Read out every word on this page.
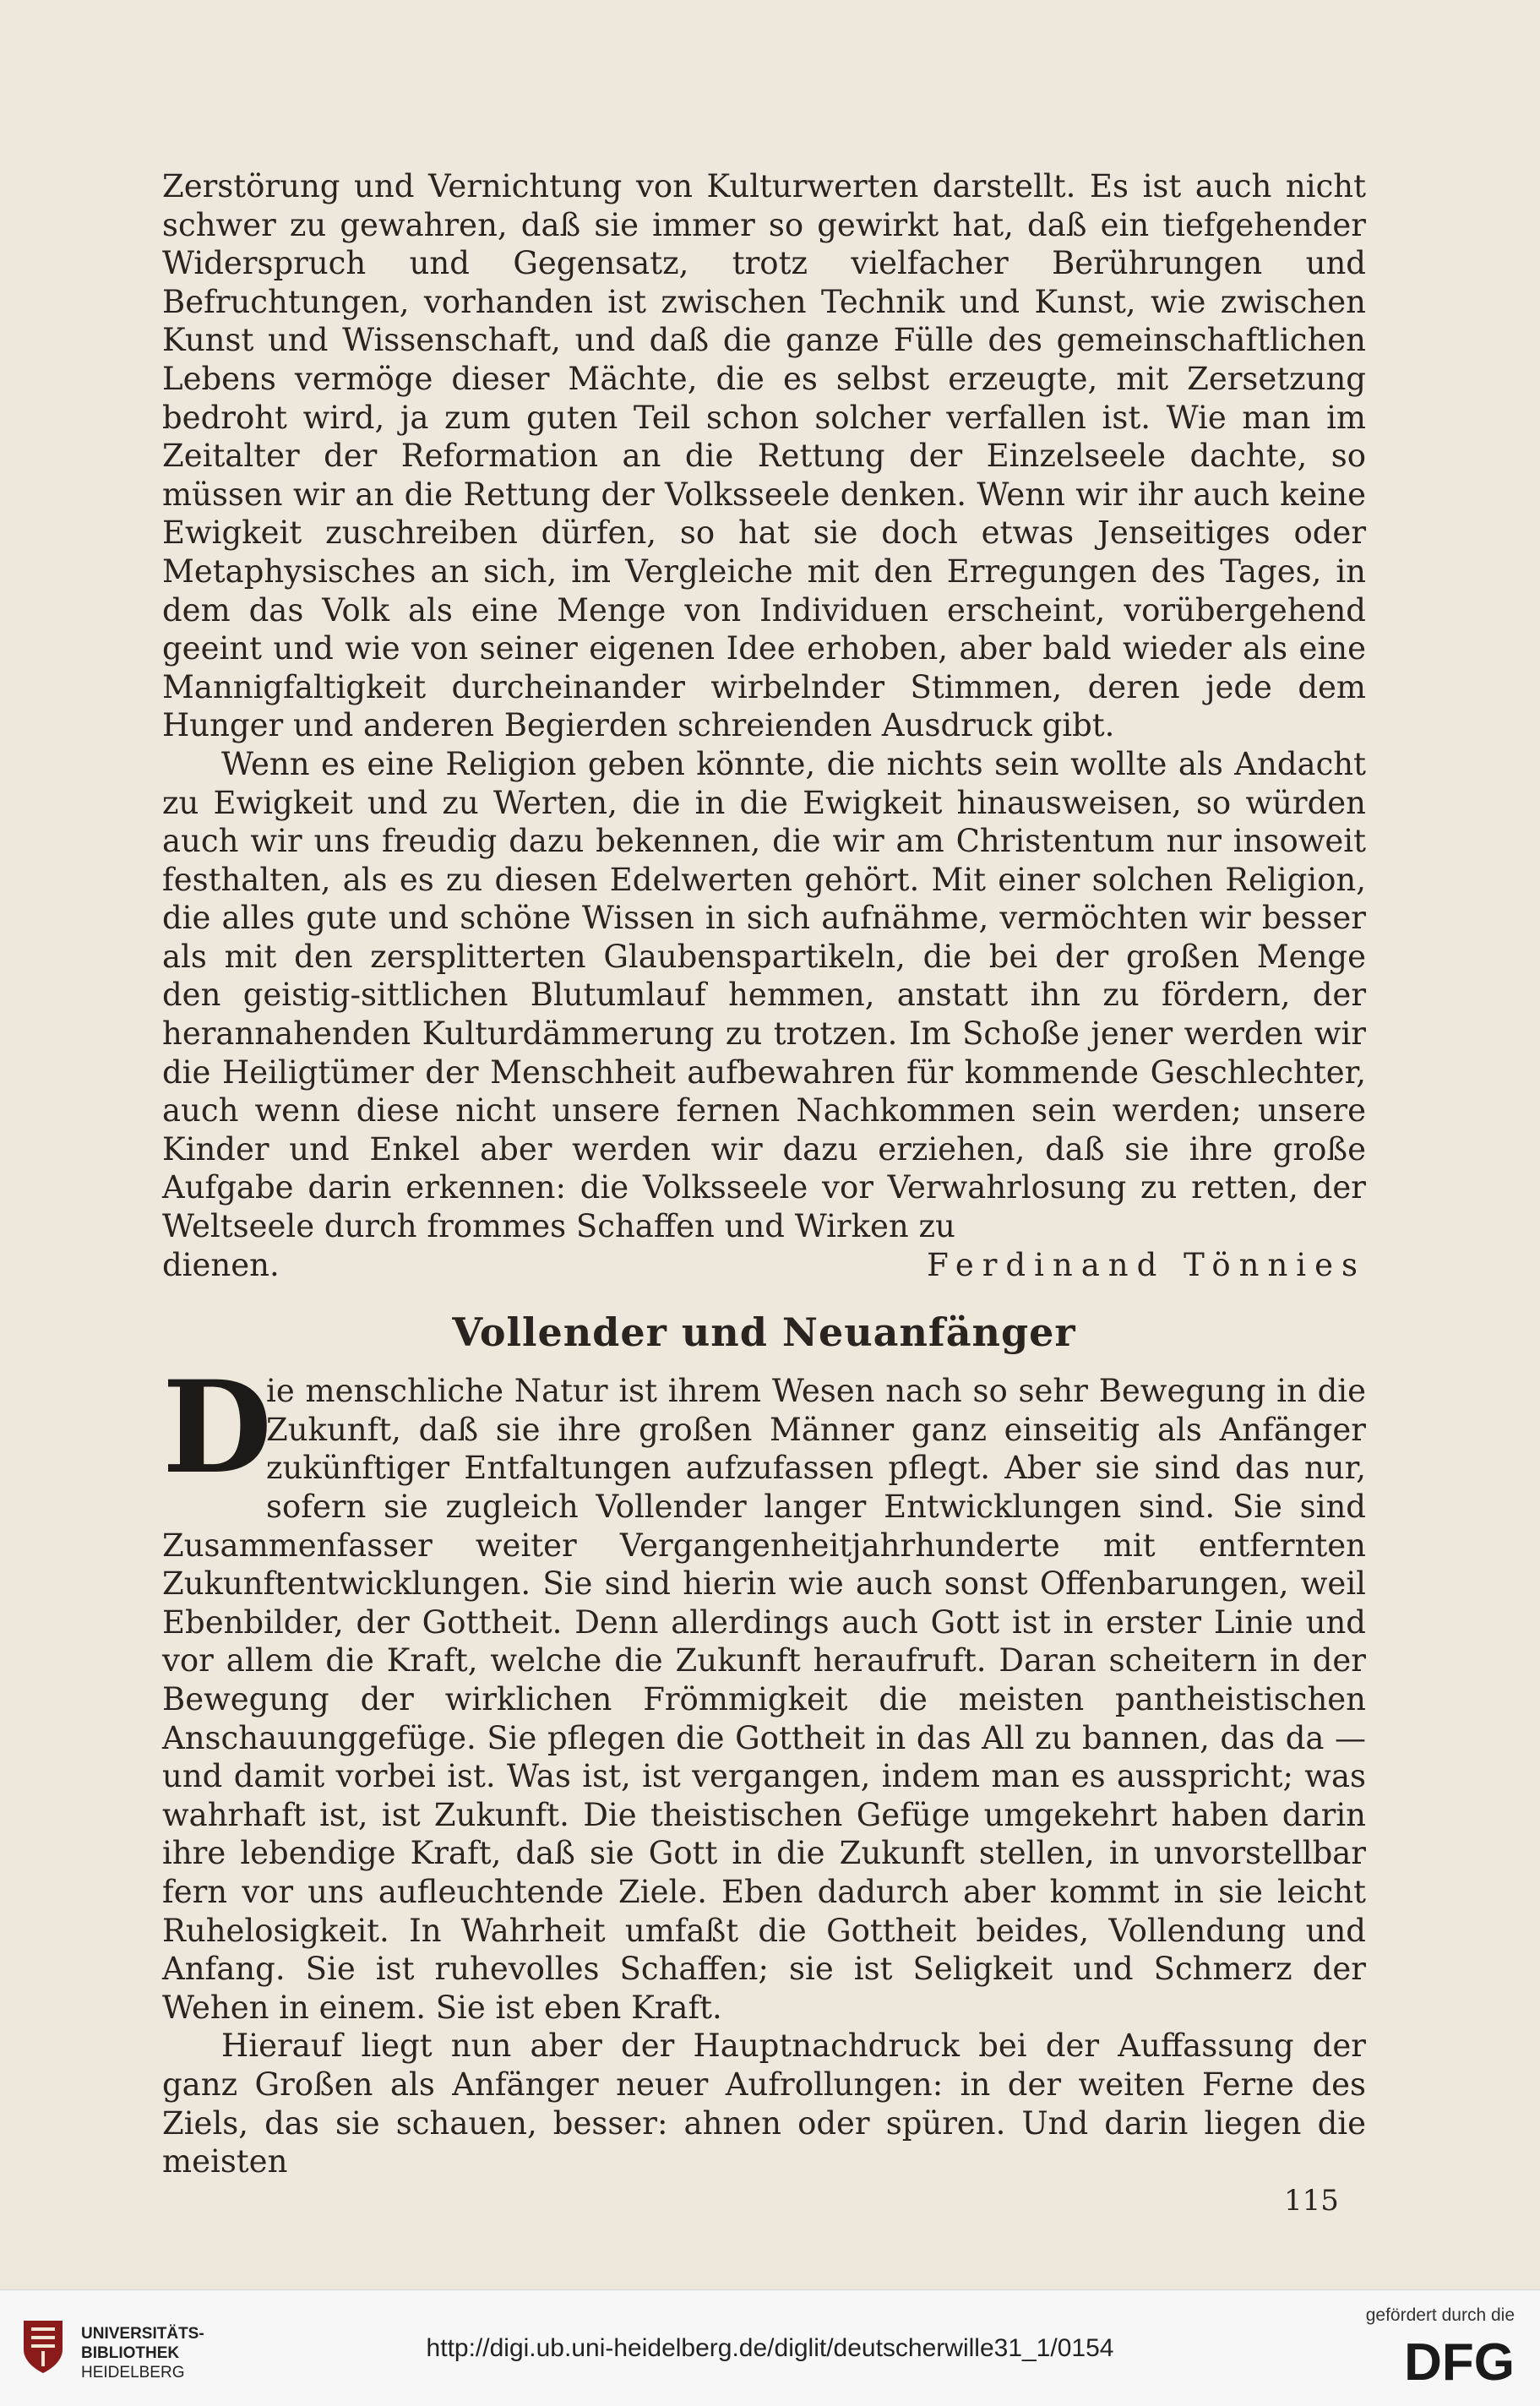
Zerstörung und Vernichtung von Kulturwerten darstellt. Es ist auch nicht schwer zu gewahren, daß sie immer so gewirkt hat, daß ein tiefgehender Widerspruch und Gegensatz, trotz vielfacher Berührungen und Befruchtungen, vorhanden ist zwischen Technik und Kunst, wie zwischen Kunst und Wissenschaft, und daß die ganze Fülle des gemeinschaftlichen Lebens vermöge dieser Mächte, die es selbst erzeugte, mit Zersetzung bedroht wird, ja zum guten Teil schon solcher verfallen ist. Wie man im Zeitalter der Reformation an die Rettung der Einzelseele dachte, so müssen wir an die Rettung der Volksseele denken. Wenn wir ihr auch keine Ewigkeit zuschreiben dürfen, so hat sie doch etwas Jenseitiges oder Metaphysisches an sich, im Vergleiche mit den Erregungen des Tages, in dem das Volk als eine Menge von Individuen erscheint, vorübergehend geeint und wie von seiner eigenen Idee erhoben, aber bald wieder als eine Mannigfaltigkeit durcheinander wirbelnder Stimmen, deren jede dem Hunger und anderen Begierden schreienden Ausdruck gibt.

Wenn es eine Religion geben könnte, die nichts sein wollte als Andacht zu Ewigkeit und zu Werten, die in die Ewigkeit hinausweisen, so würden auch wir uns freudig dazu bekennen, die wir am Christentum nur insoweit festhalten, als es zu diesen Edelwerten gehört. Mit einer solchen Religion, die alles gute und schöne Wissen in sich aufnähme, vermöchten wir besser als mit den zersplitterten Glaubenspartikeln, die bei der großen Menge den geistig-sittlichen Blutumlauf hemmen, anstatt ihn zu fördern, der herannahenden Kulturdämmerung zu trotzen. Im Schoße jener werden wir die Heiligtümer der Menschheit aufbewahren für kommende Geschlechter, auch wenn diese nicht unsere fernen Nachkommen sein werden; unsere Kinder und Enkel aber werden wir dazu erziehen, daß sie ihre große Aufgabe darin erkennen: die Volksseele vor Verwahrlosung zu retten, der Weltseele durch frommes Schaffen und Wirken zu

dienen.	Ferdinand Tönnies
Vollender und Neuanfänger

D
ie menschliche Natur ist ihrem Wesen nach so sehr Bewegung in die Zukunft, daß sie ihre großen Männer ganz einseitig als Anfänger zukünftiger Entfaltungen aufzufassen pflegt. Aber sie sind das nur, sofern sie zugleich Vollender langer Entwicklungen sind. Sie sind Zusammenfasser weiter Vergangenheitjahrhunderte mit entfernten Zukunftentwicklungen. Sie sind hierin wie auch sonst Offenbarungen, weil Ebenbilder, der Gottheit. Denn allerdings auch Gott ist in erster Linie und vor allem die Kraft, welche die Zukunft heraufruft. Daran scheitern in der Bewegung der wirklichen Frömmigkeit die meisten pantheistischen Anschauunggefüge. Sie pflegen die Gottheit in das All zu bannen, das da — und damit vorbei ist. Was ist, ist vergangen, indem man es ausspricht; was wahrhaft ist, ist Zukunft. Die theistischen Gefüge umgekehrt haben darin ihre lebendige Kraft, daß sie Gott in die Zukunft stellen, in unvorstellbar fern vor uns aufleuchtende Ziele. Eben dadurch aber kommt in sie leicht Ruhelosigkeit. In Wahrheit umfaßt die Gottheit beides, Vollendung und Anfang. Sie ist ruhevolles Schaffen; sie ist Seligkeit und Schmerz der Wehen in einem. Sie ist eben Kraft.

Hierauf liegt nun aber der Hauptnachdruck bei der Auffassung der ganz Großen als Anfänger neuer Aufrollungen: in der weiten Ferne des Ziels, das sie schauen, besser: ahnen oder spüren. Und darin liegen die meisten

115
UNIVERSITÄTS-
BIBLIOTHEK
HEIDELBERG
http://digi.ub.uni-heidelberg.de/diglit/deutscherwille31_1/0154
gefördert durch die
DFG
